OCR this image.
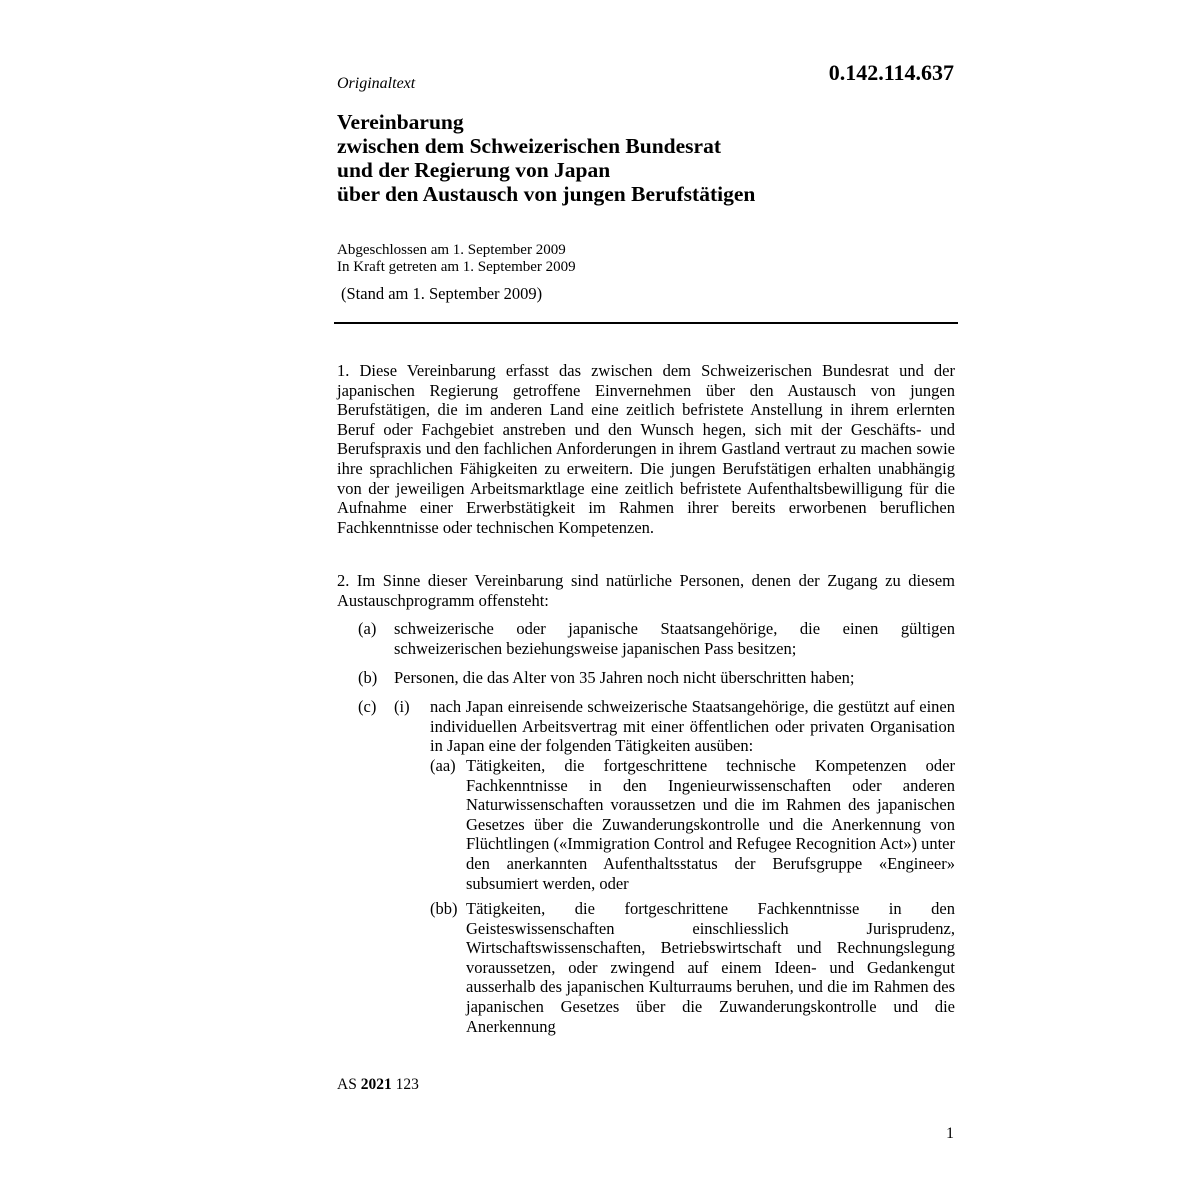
0.142.114.637
Originaltext
Vereinbarung
zwischen dem Schweizerischen Bundesrat
und der Regierung von Japan
über den Austausch von jungen Berufstätigen
Abgeschlossen am 1. September 2009
In Kraft getreten am 1. September 2009
(Stand am 1. September 2009)
1. Diese Vereinbarung erfasst das zwischen dem Schweizerischen Bundesrat und der japanischen Regierung getroffene Einvernehmen über den Austausch von jungen Berufstätigen, die im anderen Land eine zeitlich befristete Anstellung in ihrem erlernten Beruf oder Fachgebiet anstreben und den Wunsch hegen, sich mit der Geschäfts- und Berufspraxis und den fachlichen Anforderungen in ihrem Gastland vertraut zu machen sowie ihre sprachlichen Fähigkeiten zu erweitern. Die jungen Berufstätigen erhalten unabhängig von der jeweiligen Arbeitsmarktlage eine zeitlich befristete Aufenthaltsbewilligung für die Aufnahme einer Erwerbstätigkeit im Rahmen ihrer bereits erworbenen beruflichen Fachkenntnisse oder technischen Kompetenzen.
2. Im Sinne dieser Vereinbarung sind natürliche Personen, denen der Zugang zu diesem Austauschprogramm offensteht:
(a) schweizerische oder japanische Staatsangehörige, die einen gültigen schweizerischen beziehungsweise japanischen Pass besitzen;
(b) Personen, die das Alter von 35 Jahren noch nicht überschritten haben;
(c) (i) nach Japan einreisende schweizerische Staatsangehörige, die gestützt auf einen individuellen Arbeitsvertrag mit einer öffentlichen oder privaten Organisation in Japan eine der folgenden Tätigkeiten ausüben:
(aa) Tätigkeiten, die fortgeschrittene technische Kompetenzen oder Fachkenntnisse in den Ingenieurwissenschaften oder anderen Naturwissenschaften voraussetzen und die im Rahmen des japanischen Gesetzes über die Zuwanderungskontrolle und die Anerkennung von Flüchtlingen («Immigration Control and Refugee Recognition Act») unter den anerkannten Aufenthaltsstatus der Berufsgruppe «Engineer» subsumiert werden, oder
(bb) Tätigkeiten, die fortgeschrittene Fachkenntnisse in den Geisteswissenschaften einschliesslich Jurisprudenz, Wirtschaftswissenschaften, Betriebswirtschaft und Rechnungslegung voraussetzen, oder zwingend auf einem Ideen- und Gedankengut ausserhalb des japanischen Kulturraums beruhen, und die im Rahmen des japanischen Gesetzes über die Zuwanderungskontrolle und die Anerkennung
AS 2021 123
1
